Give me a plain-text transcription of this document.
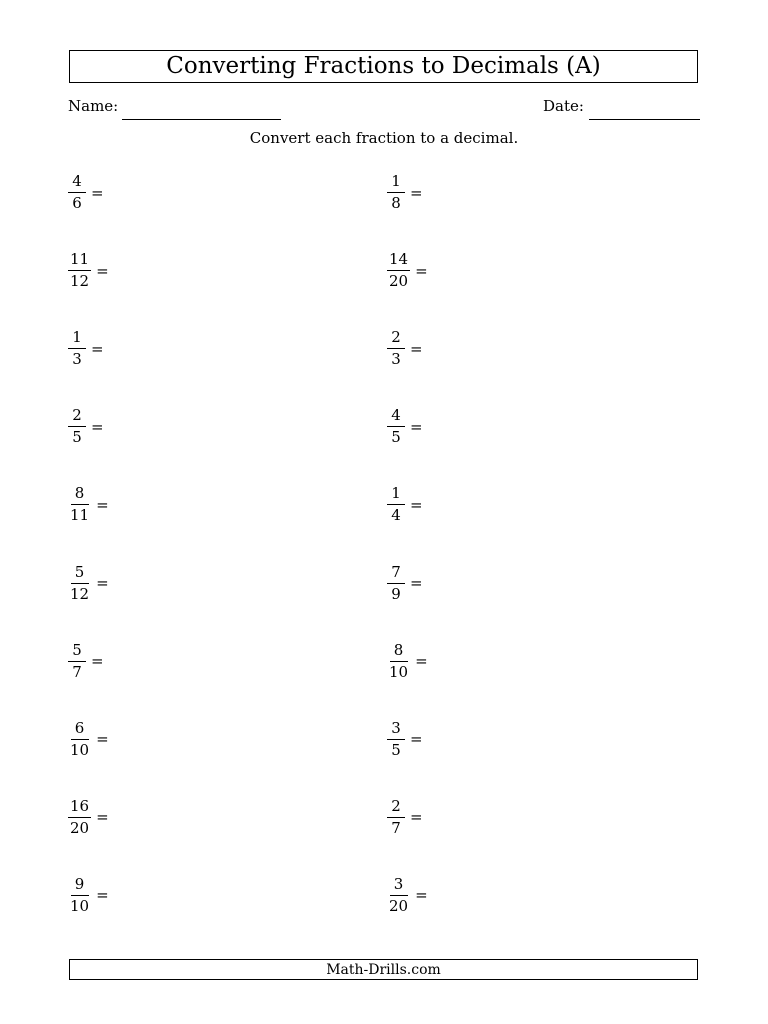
Converting Fractions to Decimals (A)
Name:	Date:
Convert each fraction to a decimal.
$\frac{4}{6}$ =
$\frac{11}{12}$ =
$\frac{1}{3}$ =
$\frac{2}{5}$ =
$\frac{8}{11}$ =
$\frac{5}{12}$ =
$\frac{5}{7}$ =
$\frac{6}{10}$ =
$\frac{16}{20}$ =
$\frac{9}{10}$ =
$\frac{1}{8}$ =
$\frac{14}{20}$ =
$\frac{2}{3}$ =
$\frac{4}{5}$ =
$\frac{1}{4}$ =
$\frac{7}{9}$ =
$\frac{8}{10}$ =
$\frac{3}{5}$ =
$\frac{2}{7}$ =
$\frac{3}{20}$ =
Math-Drills.com
